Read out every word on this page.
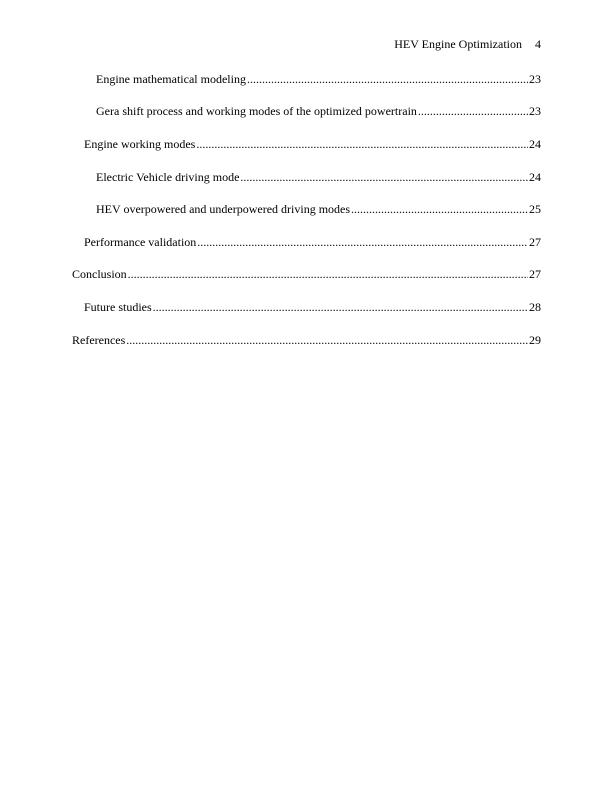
HEV Engine Optimization 4
Engine mathematical modeling .....	23
Gera shift process and working modes of the optimized powertrain .....	23
Engine working modes .....	24
Electric Vehicle driving mode .....	24
HEV overpowered and underpowered driving modes .....	25
Performance validation .....	27
Conclusion .....	27
Future studies .....	28
References .....	29
